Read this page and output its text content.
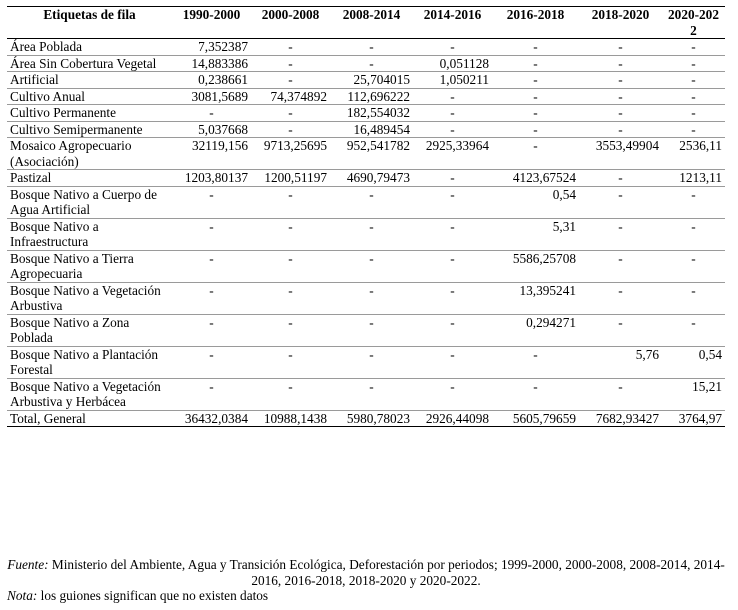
Etiquetas de fila	1990-2000	2000-2008	2008-2014	2014-2016	2016-2018	2018-2020	2020-2022
Área Poblada	7,352387	-	-	-	-	-	-
Área Sin Cobertura Vegetal	14,883386	-	-	0,051128	-	-	-
Artificial	0,238661	-	25,704015	1,050211	-	-	-
Cultivo Anual	3081,5689	74,374892	112,696222	-	-	-	-
Cultivo Permanente	-	-	182,554032	-	-	-	-
Cultivo Semipermanente	5,037668	-	16,489454	-	-	-	-
Mosaico Agropecuario (Asociación)	32119,156	9713,25695	952,541782	2925,33964	-	3553,49904	2536,11
Pastizal	1203,80137	1200,51197	4690,79473	-	4123,67524	-	1213,11
Bosque Nativo a Cuerpo de Agua Artificial	-	-	-	-	0,54	-	-
Bosque Nativo a Infraestructura	-	-	-	-	5,31	-	-
Bosque Nativo a Tierra Agropecuaria	-	-	-	-	5586,25708	-	-
Bosque Nativo a Vegetación Arbustiva	-	-	-	-	13,395241	-	-
Bosque Nativo a Zona Poblada	-	-	-	-	0,294271	-	-
Bosque Nativo a Plantación Forestal	-	-	-	-	-	5,76	0,54
Bosque Nativo a Vegetación Arbustiva y Herbácea	-	-	-	-	-	-	15,21
Total, General	36432,0384	10988,1438	5980,78023	2926,44098	5605,79659	7682,93427	3764,97

Fuente: Ministerio del Ambiente, Agua y Transición Ecológica, Deforestación por periodos; 1999-2000, 2000-2008, 2008-2014, 2014-2016, 2016-2018, 2018-2020 y 2020-2022.

Nota: los guiones significan que no existen datos
